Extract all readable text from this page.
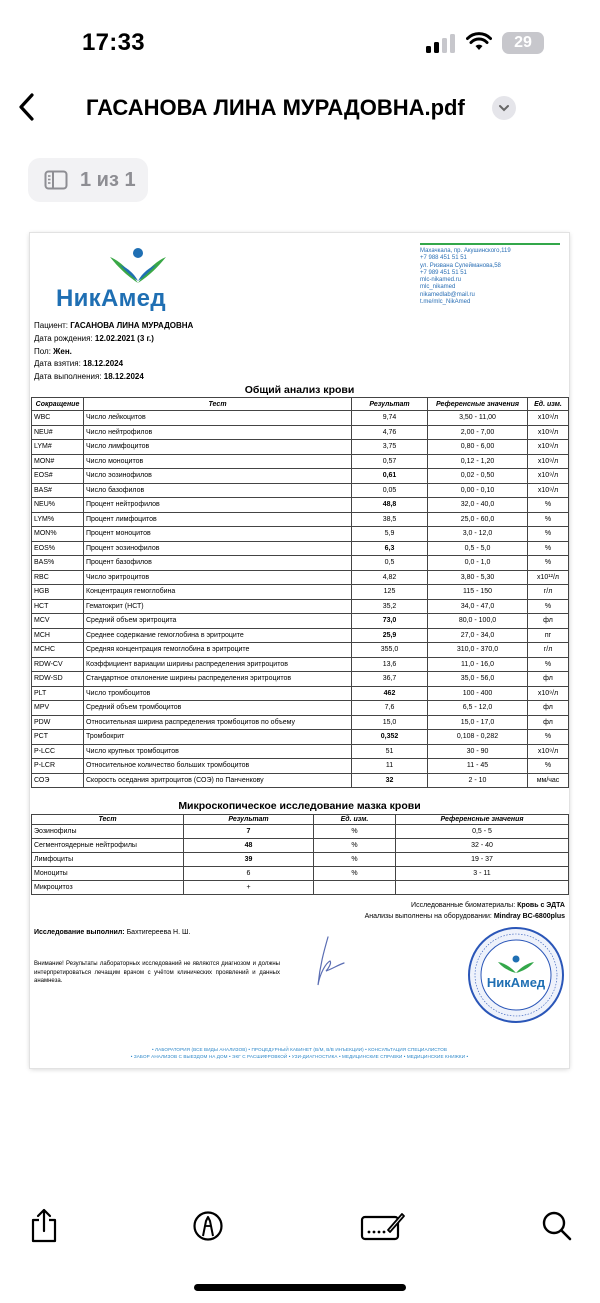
17:33	29
ГАСАНОВА ЛИНА МУРАДОВНА.pdf
1 из 1
НикАмед
Махачкала, пр. Акушинского,119
+7 988 451 51 51
ул. Ризвана Сулейманова,58
+7 989 451 51 51
mlc-nikamed.ru
mlc_nikamed
nikamedlab@mail.ru
t.me/mlc_NikAmed
Пациент: ГАСАНОВА ЛИНА МУРАДОВНА
Дата рождения: 12.02.2021 (3 г.)
Пол: Жен.
Дата взятия: 18.12.2024
Дата выполнения: 18.12.2024
Общий анализ крови
Сокращение	Тест	Результат	Референсные значения	Ед. изм.
WBC	Число лейкоцитов	9,74	3,50 - 11,00	x10⁹/л
NEU#	Число нейтрофилов	4,76	2,00 - 7,00	x10⁹/л
LYM#	Число лимфоцитов	3,75	0,80 - 6,00	x10⁹/л
MON#	Число моноцитов	0,57	0,12 - 1,20	x10⁹/л
EOS#	Число эозинофилов	0,61	0,02 - 0,50	x10⁹/л
BAS#	Число базофилов	0,05	0,00 - 0,10	x10⁹/л
NEU%	Процент нейтрофилов	48,8	32,0 - 40,0	%
LYM%	Процент лимфоцитов	38,5	25,0 - 60,0	%
MON%	Процент моноцитов	5,9	3,0 - 12,0	%
EOS%	Процент эозинофилов	6,3	0,5 - 5,0	%
BAS%	Процент базофилов	0,5	0,0 - 1,0	%
RBC	Число эритроцитов	4,82	3,80 - 5,30	x10¹²/л
HGB	Концентрация гемоглобина	125	115 - 150	г/л
HCT	Гематокрит (НСТ)	35,2	34,0 - 47,0	%
MCV	Средний объем эритроцита	73,0	80,0 - 100,0	фл
MCH	Среднее содержание гемоглобина в эритроците	25,9	27,0 - 34,0	пг
MCHC	Средняя концентрация гемоглобина в эритроците	355,0	310,0 - 370,0	г/л
RDW-CV	Коэффициент вариации ширины распределения эритроцитов	13,6	11,0 - 16,0	%
RDW-SD	Стандартное отклонение ширины распределения эритроцитов	36,7	35,0 - 56,0	фл
PLT	Число тромбоцитов	462	100 - 400	x10⁹/л
MPV	Средний объем тромбоцитов	7,6	6,5 - 12,0	фл
PDW	Относительная ширина распределения тромбоцитов по объему	15,0	15,0 - 17,0	фл
PCT	Тромбокрит	0,352	0,108 - 0,282	%
P-LCC	Число крупных тромбоцитов	51	30 - 90	x10⁹/л
P-LCR	Относительное количество больших тромбоцитов	11	11 - 45	%
СОЭ	Скорость оседания эритроцитов (СОЭ) по Панченкову	32	2 - 10	мм/час
Микроскопическое исследование мазка крови
Тест	Результат	Ед. изм.	Референсные значения
Эозинофилы	7	%	0,5 - 5
Сегментоядерные нейтрофилы	48	%	32 - 40
Лимфоциты	39	%	19 - 37
Моноциты	6	%	3 - 11
Микроцитоз	+		
Исследованные биоматериалы: Кровь с ЭДТА
Анализы выполнены на оборудовании: Mindray BC-6800plus
Исследование выполнил: Бахтигереева Н. Ш.
Внимание! Результаты лабораторных исследований не являются диагнозом и должны интерпретироваться лечащим врачом с учётом клинических проявлений и данных анамнеза.	НикАмед
• ЛАБОРАТОРИЯ (ВСЕ ВИДЫ АНАЛИЗОВ) • ПРОЦЕДУРНЫЙ КАБИНЕТ (В/М, В/В ИНЪЕКЦИИ) • КОНСУЛЬТАЦИЯ СПЕЦИАЛИСТОВ
• ЗАБОР АНАЛИЗОВ С ВЫЕЗДОМ НА ДОМ • ЭКГ С РАСШИФРОВКОЙ • УЗИ-ДИАГНОСТИКА • МЕДИЦИНСКИЕ СПРАВКИ • МЕДИЦИНСКИЕ КНИЖКИ •
